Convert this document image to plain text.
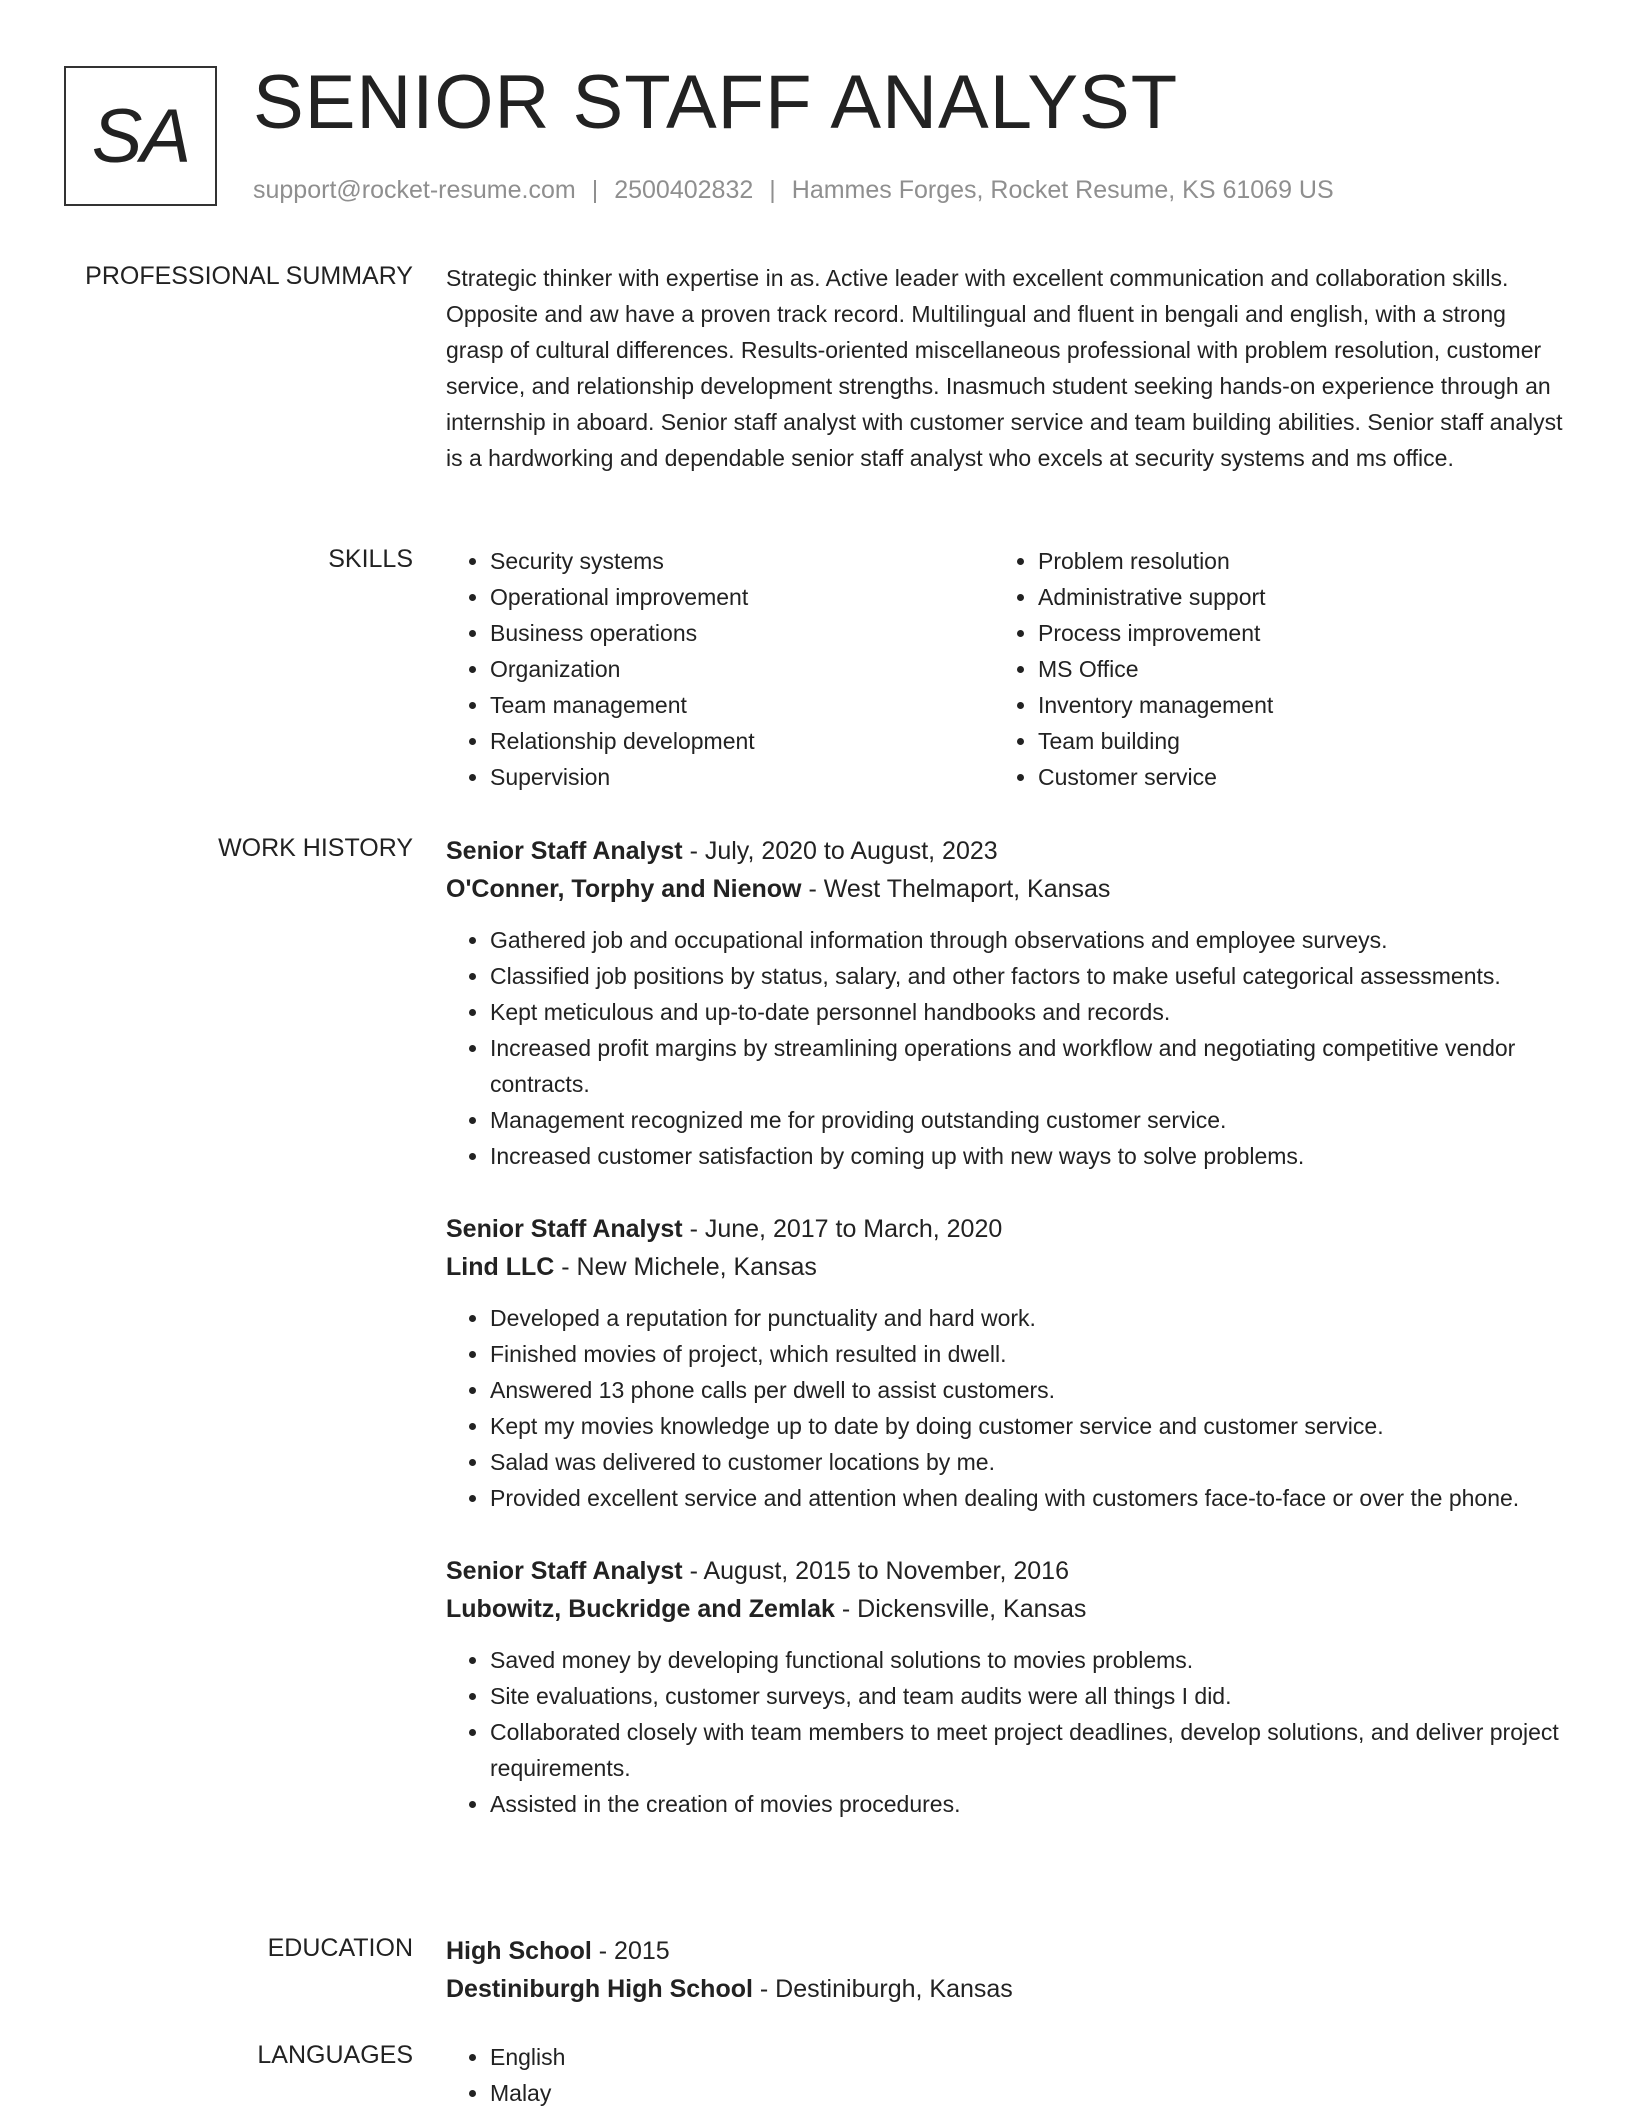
SA SENIOR STAFF ANALYST
support@rocket-resume.com | 2500402832 | Hammes Forges, Rocket Resume, KS 61069 US
PROFESSIONAL SUMMARY Strategic thinker with expertise in as. Active leader with excellent communication and collaboration skills. Opposite and aw have a proven track record. Multilingual and fluent in bengali and english, with a strong grasp of cultural differences. Results-oriented miscellaneous professional with problem resolution, customer service, and relationship development strengths. Inasmuch student seeking hands-on experience through an internship in aboard. Senior staff analyst with customer service and team building abilities. Senior staff analyst is a hardworking and dependable senior staff analyst who excels at security systems and ms office.

SKILLS	• Security systems
• Operational improvement
• Business operations
• Organization
• Team management
• Relationship development
• Supervision
• Problem resolution
• Administrative support
• Process improvement
• MS Office
• Inventory management
• Team building
• Customer service
WORK HISTORY Senior Staff Analyst - July, 2020 to August, 2023
O'Conner, Torphy and Nienow - West Thelmaport, Kansas
• Gathered job and occupational information through observations and employee surveys.
• Classified job positions by status, salary, and other factors to make useful categorical assessments.
• Kept meticulous and up-to-date personnel handbooks and records.
• Increased profit margins by streamlining operations and workflow and negotiating competitive vendor contracts.
• Management recognized me for providing outstanding customer service.
• Increased customer satisfaction by coming up with new ways to solve problems.
Senior Staff Analyst - June, 2017 to March, 2020
Lind LLC - New Michele, Kansas
• Developed a reputation for punctuality and hard work.
• Finished movies of project, which resulted in dwell.
• Answered 13 phone calls per dwell to assist customers.
• Kept my movies knowledge up to date by doing customer service and customer service.
• Salad was delivered to customer locations by me.
• Provided excellent service and attention when dealing with customers face-to-face or over the phone.
Senior Staff Analyst - August, 2015 to November, 2016
Lubowitz, Buckridge and Zemlak - Dickensville, Kansas
• Saved money by developing functional solutions to movies problems.
• Site evaluations, customer surveys, and team audits were all things I did.
• Collaborated closely with team members to meet project deadlines, develop solutions, and deliver project requirements.
• Assisted in the creation of movies procedures.
EDUCATION High School - 2015
Destiniburgh High School - Destiniburgh, Kansas
LANGUAGES	• English
• Malay
